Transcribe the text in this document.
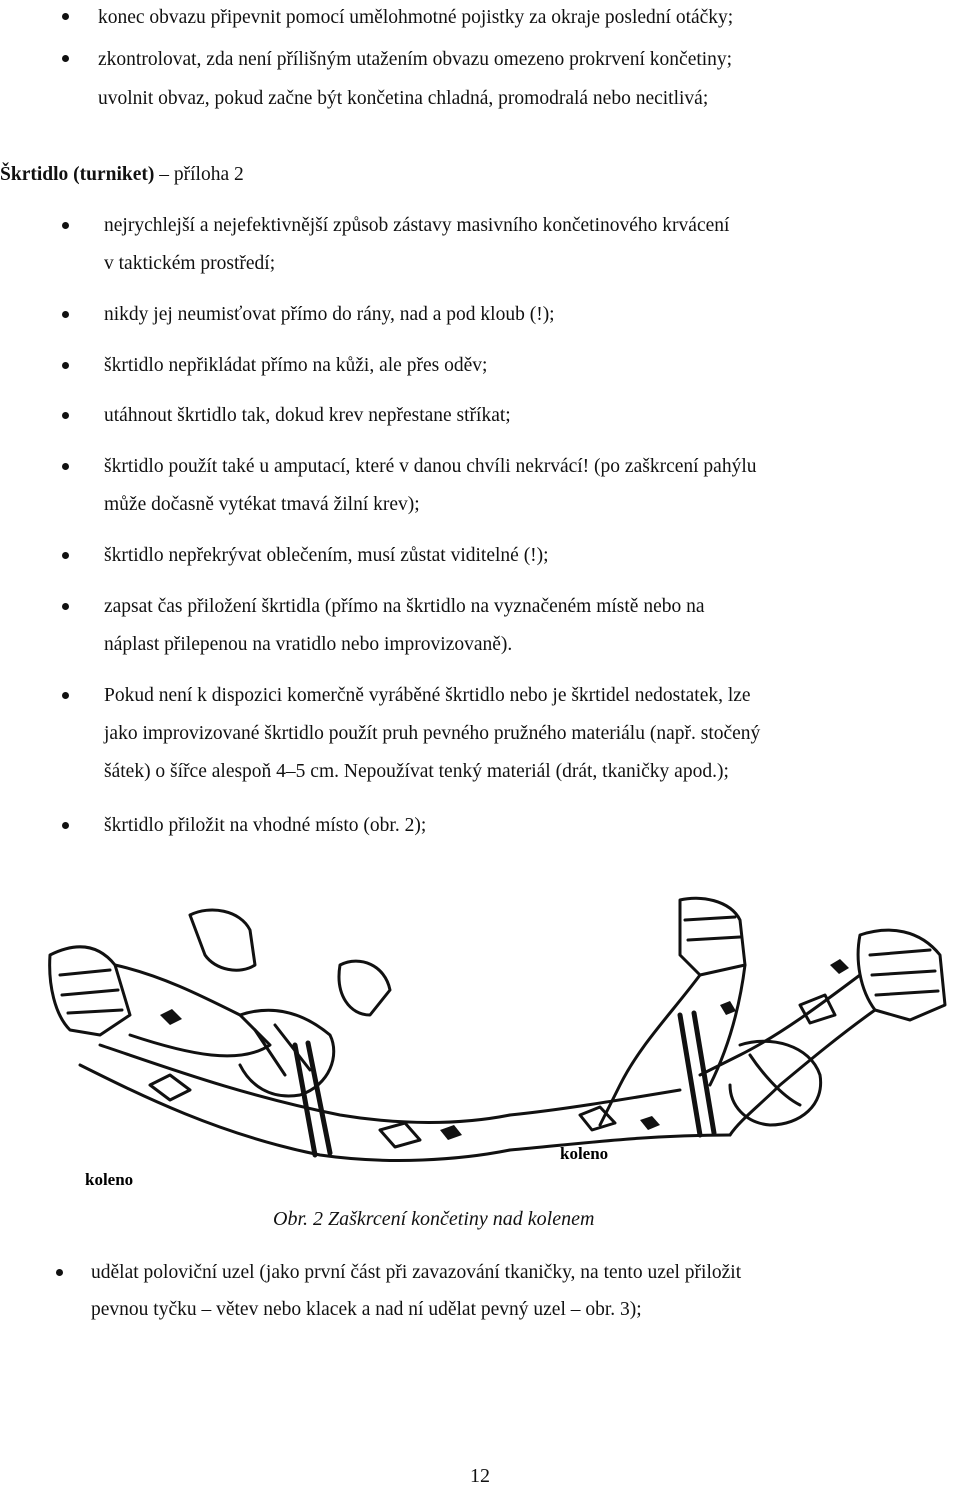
konec obvazu připevnit pomocí umělohmotné pojistky za okraje poslední otáčky;
zkontrolovat, zda není přílišným utažením obvazu omezeno prokrvení končetiny;
uvolnit obvaz, pokud začne být končetina chladná, promodralá nebo necitlivá;
Škrtidlo (turniket) – příloha 2
nejrychlejší a nejefektivnější způsob zástavy masivního končetinového krvácení
v taktickém prostředí;
nikdy jej neumisťovat přímo do rány, nad a pod kloub (!);
škrtidlo nepřikládat přímo na kůži, ale přes oděv;
utáhnout škrtidlo tak, dokud krev nepřestane stříkat;
škrtidlo použít také u amputací, které v danou chvíli nekrvácí! (po zaškrcení pahýlu
může dočasně vytékat tmavá žilní krev);
škrtidlo nepřekrývat oblečením, musí zůstat viditelné (!);
zapsat čas přiložení škrtidla (přímo na škrtidlo na vyznačeném místě nebo na
náplast přilepenou na vratidlo nebo improvizovaně).
Pokud není k dispozici komerčně vyráběné škrtidlo nebo je škrtidel nedostatek, lze
jako improvizované škrtidlo použít pruh pevného pružného materiálu (např. stočený
šátek) o šířce alespoň 4–5 cm. Nepoužívat tenký materiál (drát, tkaničky apod.);
škrtidlo přiložit na vhodné místo (obr. 2);
koleno
koleno
Obr. 2 Zaškrcení končetiny nad kolenem
udělat poloviční uzel (jako první část při zavazování tkaničky, na tento uzel přiložit
pevnou tyčku – větev nebo klacek a nad ní udělat pevný uzel – obr. 3);
12
